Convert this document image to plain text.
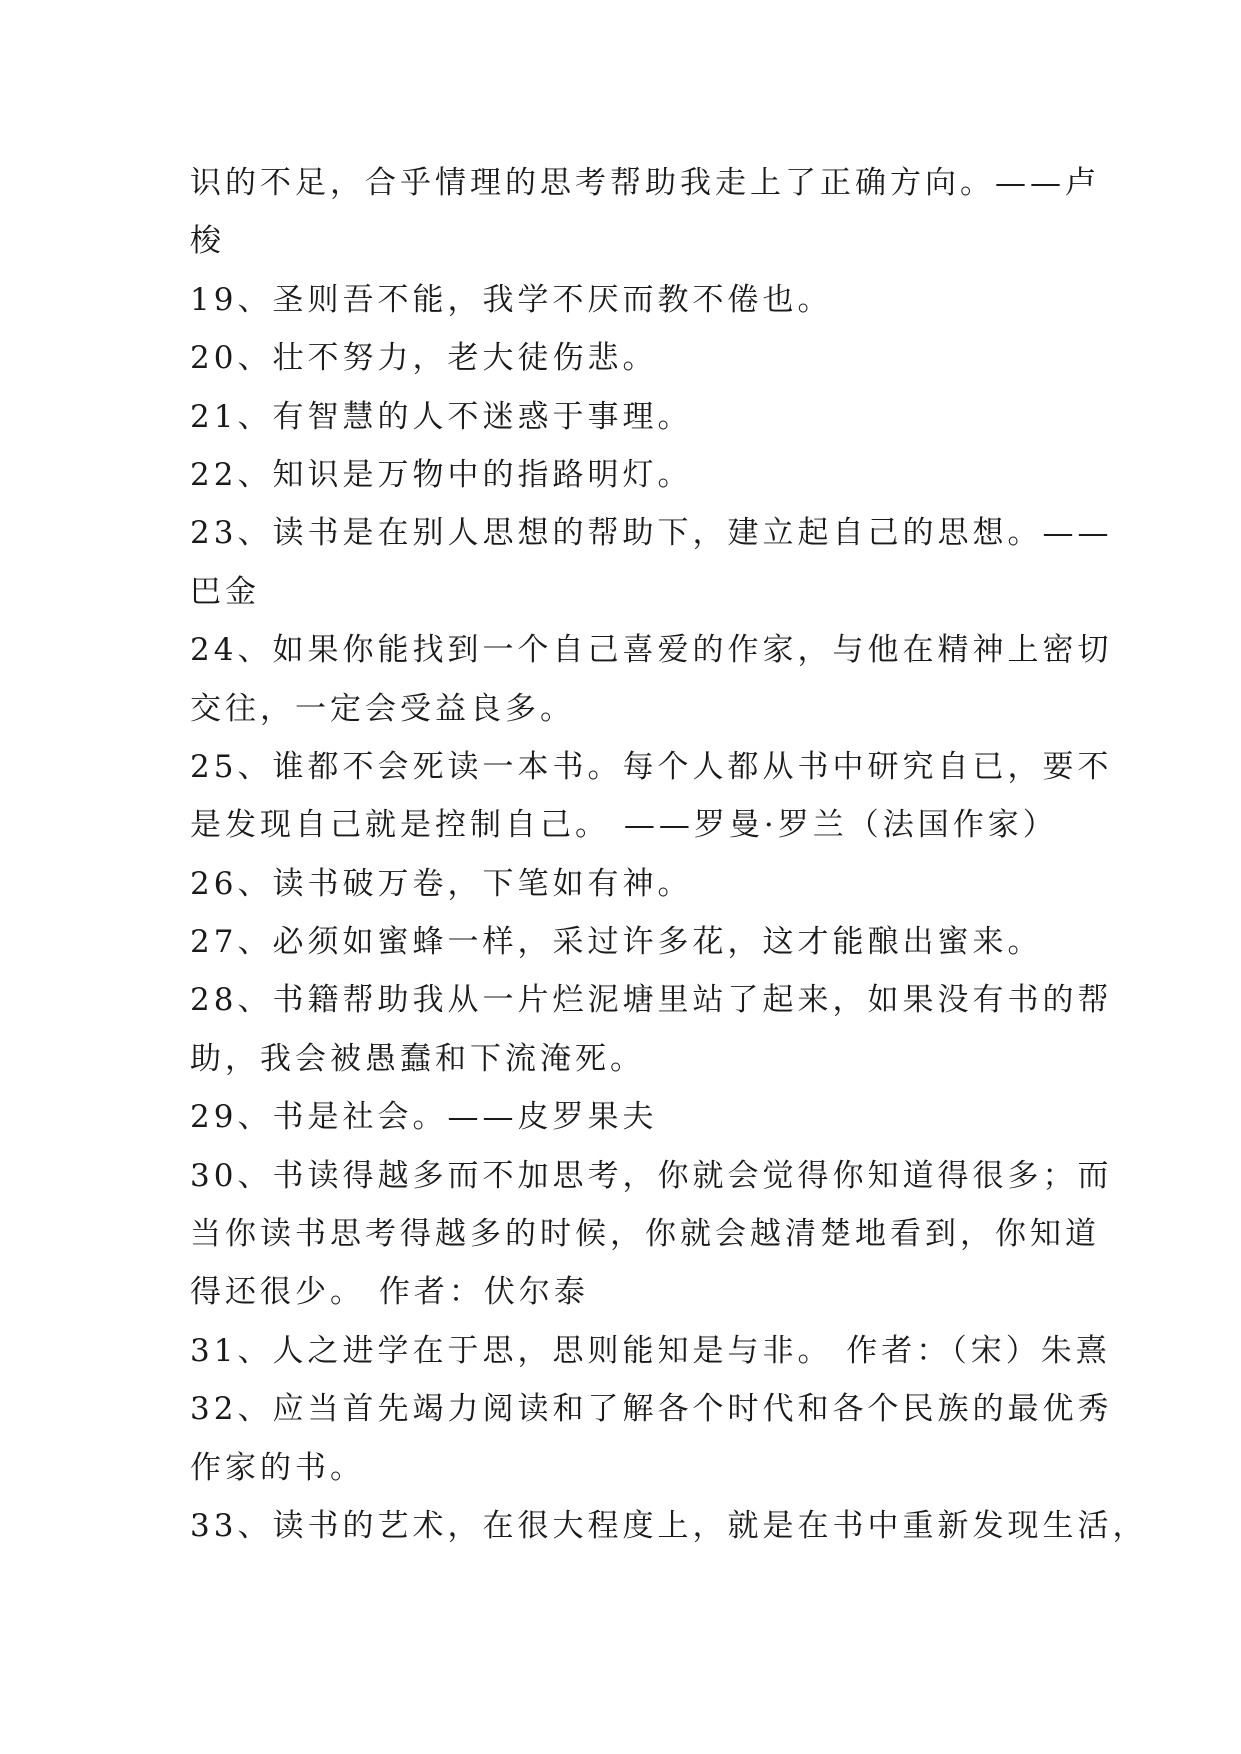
识的不足，合乎情理的思考帮助我走上了正确方向。——卢
梭
19、圣则吾不能，我学不厌而教不倦也。
20、壮不努力，老大徒伤悲。
21、有智慧的人不迷惑于事理。
22、知识是万物中的指路明灯。
23、读书是在别人思想的帮助下，建立起自己的思想。——
巴金
24、如果你能找到一个自己喜爱的作家，与他在精神上密切
交往，一定会受益良多。
25、谁都不会死读一本书。每个人都从书中研究自已，要不
是发现自己就是控制自己。 ——罗曼·罗兰（法国作家）
26、读书破万卷，下笔如有神。
27、必须如蜜蜂一样，采过许多花，这才能酿出蜜来。
28、书籍帮助我从一片烂泥塘里站了起来，如果没有书的帮
助，我会被愚蠢和下流淹死。
29、书是社会。——皮罗果夫
30、书读得越多而不加思考，你就会觉得你知道得很多；而
当你读书思考得越多的时候，你就会越清楚地看到，你知道
得还很少。 作者：伏尔泰
31、人之进学在于思，思则能知是与非。 作者：（宋）朱熹
32、应当首先竭力阅读和了解各个时代和各个民族的最优秀
作家的书。
33、读书的艺术，在很大程度上，就是在书中重新发现生活，
